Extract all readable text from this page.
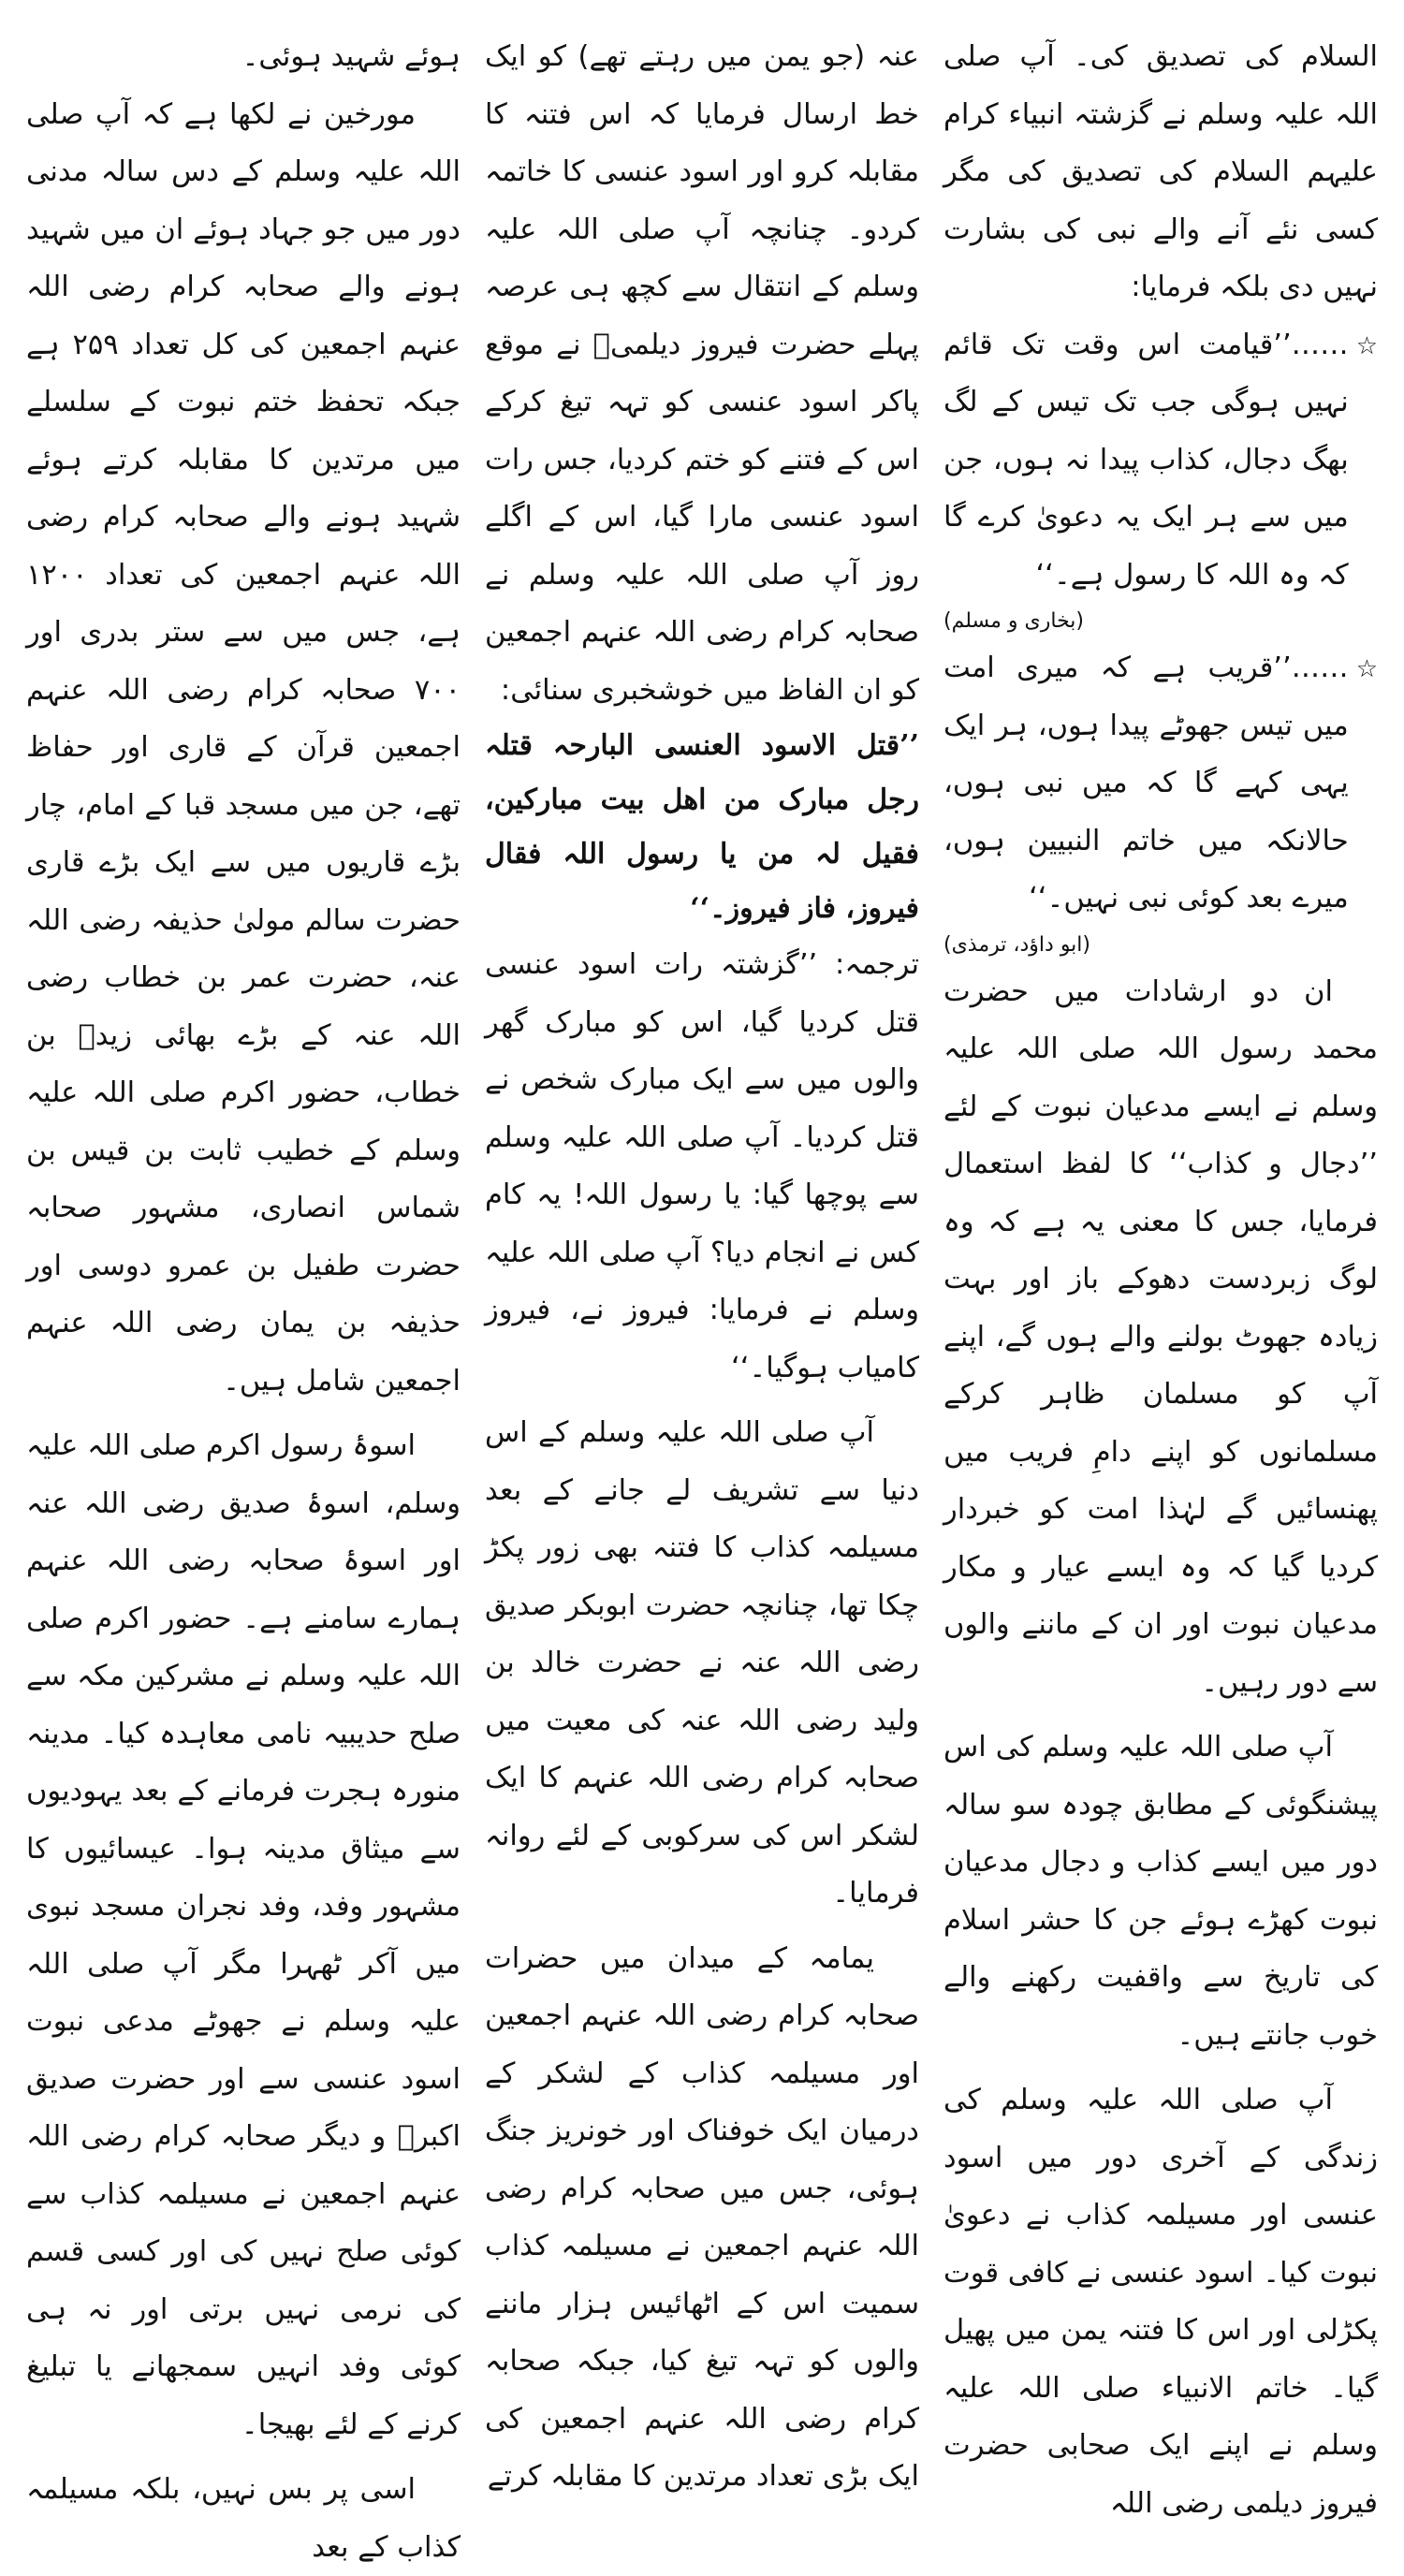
السلام کی تصدیق کی۔ آپ صلی اللہ علیہ وسلم نے گزشتہ انبیاء کرام علیہم السلام کی تصدیق کی مگر کسی نئے آنے والے نبی کی بشارت نہیں دی بلکہ فرمایا:

☆

……’’قیامت اس وقت تک قائم نہیں ہوگی جب تک تیس کے لگ بھگ دجال، کذاب پیدا نہ ہوں، جن میں سے ہر ایک یہ دعویٰ کرے گا کہ وہ اللہ کا رسول ہے۔‘‘

(بخاری و مسلم)
☆

……’’قریب ہے کہ میری امت میں تیس جھوٹے پیدا ہوں، ہر ایک یہی کہے گا کہ میں نبی ہوں، حالانکہ میں خاتم النبیین ہوں، میرے بعد کوئی نبی نہیں۔‘‘

(ابو داؤد، ترمذی)

ان دو ارشادات میں حضرت محمد رسول اللہ صلی اللہ علیہ وسلم نے ایسے مدعیان نبوت کے لئے ’’دجال و کذاب‘‘ کا لفظ استعمال فرمایا، جس کا معنی یہ ہے کہ وہ لوگ زبردست دھوکے باز اور بہت زیادہ جھوٹ بولنے والے ہوں گے، اپنے آپ کو مسلمان ظاہر کرکے مسلمانوں کو اپنے دامِ فریب میں پھنسائیں گے لہٰذا امت کو خبردار کردیا گیا کہ وہ ایسے عیار و مکار مدعیان نبوت اور ان کے ماننے والوں سے دور رہیں۔

آپ صلی اللہ علیہ وسلم کی اس پیشنگوئی کے مطابق چودہ سو سالہ دور میں ایسے کذاب و دجال مدعیان نبوت کھڑے ہوئے جن کا حشر اسلام کی تاریخ سے واقفیت رکھنے والے خوب جانتے ہیں۔

آپ صلی اللہ علیہ وسلم کی زندگی کے آخری دور میں اسود عنسی اور مسیلمہ کذاب نے دعویٰ نبوت کیا۔ اسود عنسی نے کافی قوت پکڑلی اور اس کا فتنہ یمن میں پھیل گیا۔ خاتم الانبیاء صلی اللہ علیہ وسلم نے اپنے ایک صحابی حضرت فیروز دیلمی رضی اللہ

عنہ (جو یمن میں رہتے تھے) کو ایک خط ارسال فرمایا کہ اس فتنہ کا مقابلہ کرو اور اسود عنسی کا خاتمہ کردو۔ چنانچہ آپ صلی اللہ علیہ وسلم کے انتقال سے کچھ ہی عرصہ پہلے حضرت فیروز دیلمیؓ نے موقع پاکر اسود عنسی کو تہہ تیغ کرکے اس کے فتنے کو ختم کردیا، جس رات اسود عنسی مارا گیا، اس کے اگلے روز آپ صلی اللہ علیہ وسلم نے صحابہ کرام رضی اللہ عنہم اجمعین کو ان الفاظ میں خوشخبری سنائی:

’’قتل الاسود العنسی البارحہ قتلہ رجل مبارک من اهل بیت مبارکین، فقیل لہ من یا رسول اللہ فقال فیروز، فاز فیروز۔‘‘

ترجمہ: ’’گزشتہ رات اسود عنسی قتل کردیا گیا، اس کو مبارک گھر والوں میں سے ایک مبارک شخص نے قتل کردیا۔ آپ صلی اللہ علیہ وسلم سے پوچھا گیا: یا رسول اللہ! یہ کام کس نے انجام دیا؟ آپ صلی اللہ علیہ وسلم نے فرمایا: فیروز نے، فیروز کامیاب ہوگیا۔‘‘

آپ صلی اللہ علیہ وسلم کے اس دنیا سے تشریف لے جانے کے بعد مسیلمہ کذاب کا فتنہ بھی زور پکڑ چکا تھا، چنانچہ حضرت ابوبکر صدیق رضی اللہ عنہ نے حضرت خالد بن ولید رضی اللہ عنہ کی معیت میں صحابہ کرام رضی اللہ عنہم کا ایک لشکر اس کی سرکوبی کے لئے روانہ فرمایا۔

یمامہ کے میدان میں حضرات صحابہ کرام رضی اللہ عنہم اجمعین اور مسیلمہ کذاب کے لشکر کے درمیان ایک خوفناک اور خونریز جنگ ہوئی، جس میں صحابہ کرام رضی اللہ عنہم اجمعین نے مسیلمہ کذاب سمیت اس کے اٹھائیس ہزار ماننے والوں کو تہہ تیغ کیا، جبکہ صحابہ کرام رضی اللہ عنہم اجمعین کی ایک بڑی تعداد مرتدین کا مقابلہ کرتے

ہوئے شہید ہوئی۔

مورخین نے لکھا ہے کہ آپ صلی اللہ علیہ وسلم کے دس سالہ مدنی دور میں جو جہاد ہوئے ان میں شہید ہونے والے صحابہ کرام رضی اللہ عنہم اجمعین کی کل تعداد ۲۵۹ ہے جبکہ تحفظ ختم نبوت کے سلسلے میں مرتدین کا مقابلہ کرتے ہوئے شہید ہونے والے صحابہ کرام رضی اللہ عنہم اجمعین کی تعداد ۱۲۰۰ ہے، جس میں سے ستر بدری اور ۷۰۰ صحابہ کرام رضی اللہ عنہم اجمعین قرآن کے قاری اور حفاظ تھے، جن میں مسجد قبا کے امام، چار بڑے قاریوں میں سے ایک بڑے قاری حضرت سالم مولیٰ حذیفہ رضی اللہ عنہ، حضرت عمر بن خطاب رضی اللہ عنہ کے بڑے بھائی زیدؓ بن خطاب، حضور اکرم صلی اللہ علیہ وسلم کے خطیب ثابت بن قیس بن شماس انصاری، مشہور صحابہ حضرت طفیل بن عمرو دوسی اور حذیفہ بن یمان رضی اللہ عنہم اجمعین شامل ہیں۔

اسوۂ رسول اکرم صلی اللہ علیہ وسلم، اسوۂ صدیق رضی اللہ عنہ اور اسوۂ صحابہ رضی اللہ عنہم ہمارے سامنے ہے۔ حضور اکرم صلی اللہ علیہ وسلم نے مشرکین مکہ سے صلح حدیبیہ نامی معاہدہ کیا۔ مدینہ منورہ ہجرت فرمانے کے بعد یہودیوں سے میثاق مدینہ ہوا۔ عیسائیوں کا مشہور وفد، وفد نجران مسجد نبوی میں آکر ٹھہرا مگر آپ صلی اللہ علیہ وسلم نے جھوٹے مدعی نبوت اسود عنسی سے اور حضرت صدیق اکبرؓ و دیگر صحابہ کرام رضی اللہ عنہم اجمعین نے مسیلمہ کذاب سے کوئی صلح نہیں کی اور کسی قسم کی نرمی نہیں برتی اور نہ ہی کوئی وفد انہیں سمجھانے یا تبلیغ کرنے کے لئے بھیجا۔

اسی پر بس نہیں، بلکہ مسیلمہ کذاب کے بعد
